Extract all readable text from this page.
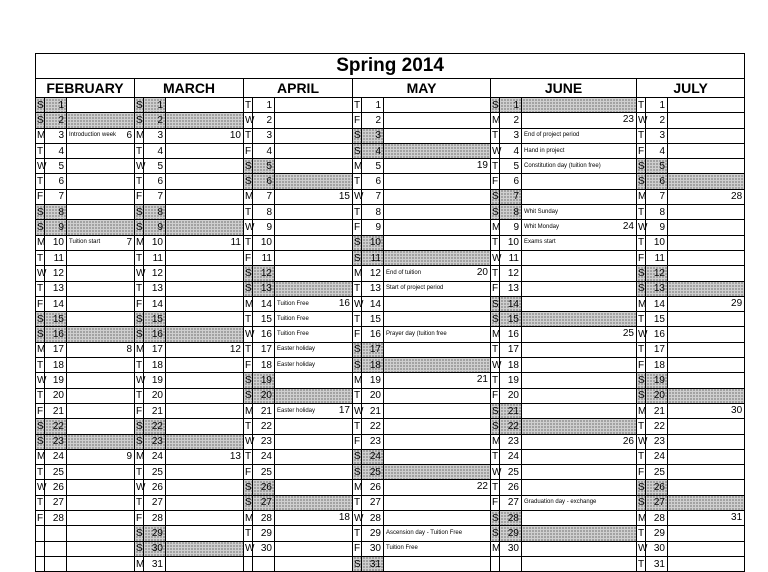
Spring 2014																	
FEBRUARY			MARCH			APRIL			MAY			JUNE			JULY		
S	1		S	1		T	1		T	1		S	1		T	1	

S	2		S	2		W	2		F	2		M	2	23	W	2	

M	3	Introduction week 6	M	3	10	T	3		S	3		T	3	End of project period	T	3	

T	4		T	4		F	4		S	4		W	4	Hand in project	F	4	

W	5		W	5		S	5		M	5	19	T	5	Constitution day (tuition free)	S	5	

T	6		T	6		S	6		T	6		F	6		S	6	

F	7		F	7		M	7	15	W	7		S	7		M	7	28

S	8		S	8		T	8		T	8		S	8	Whit Sunday	T	8	

S	9		S	9		W	9		F	9		M	9	Whit Monday 24	W	9	

M	10	Tuition start 7	M	10	11	T	10		S	10		T	10	Exams start	T	10	

T	11		T	11		F	11		S	11		W	11		F	11	

W	12		W	12		S	12		M	12	End of tuition 20	T	12		S	12	

T	13		T	13		S	13		T	13	Start of project period	F	13		S	13	

F	14		F	14		M	14	Tuition Free 16	W	14		S	14		M	14	29

S	15		S	15		T	15	Tuition Free	T	15		S	15		T	15	

S	16		S	16		W	16	Tuition Free	F	16	Prayer day (tuition free	M	16	25	W	16	

M	17	8	M	17	12	T	17	Easter holiday	S	17		T	17		T	17	

T	18		T	18		F	18	Easter holiday	S	18		W	18		F	18	

W	19		W	19		S	19		M	19	21	T	19		S	19	

T	20		T	20		S	20		T	20		F	20		S	20	

F	21		F	21		M	21	Easter holiday 17	W	21		S	21		M	21	30

S	22		S	22		T	22		T	22		S	22		T	22	

S	23		S	23		W	23		F	23		M	23	26	W	23	

M	24	9	M	24	13	T	24		S	24		T	24		T	24	

T	25		T	25		F	25		S	25		W	25		F	25	

W	26		W	26		S	26		M	26	22	T	26		S	26	

T	27		T	27		S	27		T	27		F	27	Graduation day - exchange	S	27	

F	28		F	28		M	28	18	W	28		S	28		M	28	31

	S	29		T	29		T	29	Ascension day - Tuition Free	S	29		T	29	

	S	30		W	30		F	30	Tuition Free	M	30		W	30	

	M	31					S	31					T	31	
